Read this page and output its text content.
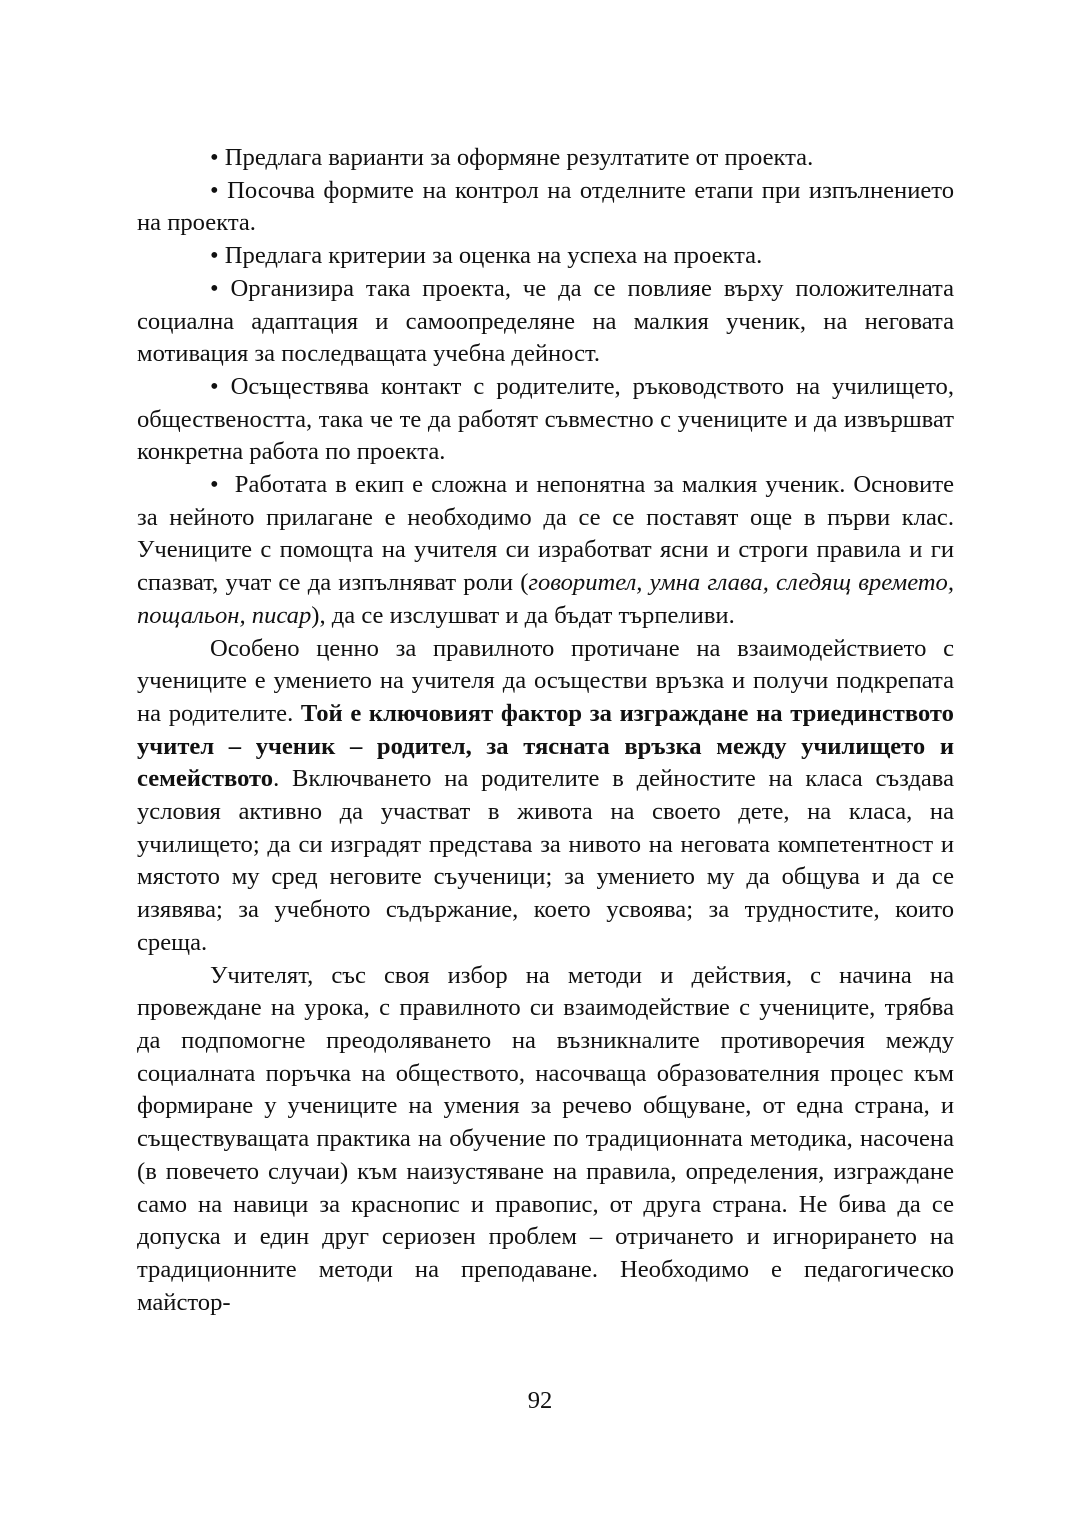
• Предлага варианти за оформяне резултатите от проекта.

• Посочва формите на контрол на отделните етапи при изпълнението на проекта.

• Предлага критерии за оценка на успеха на проекта.

• Организира така проекта, че да се повлияе върху положителната социална адаптация и самоопределяне на малкия ученик, на неговата мотивация за последващата учебна дейност.

• Осъществява контакт с родителите, ръководството на училището, обществеността, така че те да работят съвместно с учениците и да извършват конкретна работа по проекта.

•  Работата в екип е сложна и непонятна за малкия ученик. Основите за нейното прилагане е необходимо да се се поставят още в първи клас. Учениците с помощта на учителя си изработват ясни и строги правила и ги спазват, учат се да изпълняват роли (говорител, умна глава, следящ времето, пощальон, писар), да се изслушват и да бъдат търпеливи.

Особено ценно за правилното протичане на взаимодействието с учениците е умението на учителя да осъществи връзка и получи подкрепата на родителите. Той е ключовият фактор за изграждане на триединството учител – ученик – родител, за тясната връзка между училището и семейството. Включването на родителите в дейностите на класа създава условия активно да участват в живота на своето дете, на класа, на училището; да си изградят представа за нивото на неговата компетентност и мястото му сред неговите съученици; за умението му да общува и да се изявява; за учебното съдържание, което усвоява; за трудностите, които среща.

Учителят, със своя избор на методи и действия, с начина на провеждане на урока, с правилното си взаимодействие с учениците, трябва да подпомогне преодоляването на възникналите противоречия между социалната поръчка на обществото, насочваща образователния процес към формиране у учениците на умения за речево общуване, от една страна, и съществуващата практика на обучение по традиционната методика, насочена (в повечето случаи) към наизустяване на правила, определения, изграждане само на навици за краснопис и правопис, от друга страна. Не бива да се допуска и един друг сериозен проблем – отричането и игнорирането на традиционните методи на преподаване. Необходимо е педагогическо майстор-

92
